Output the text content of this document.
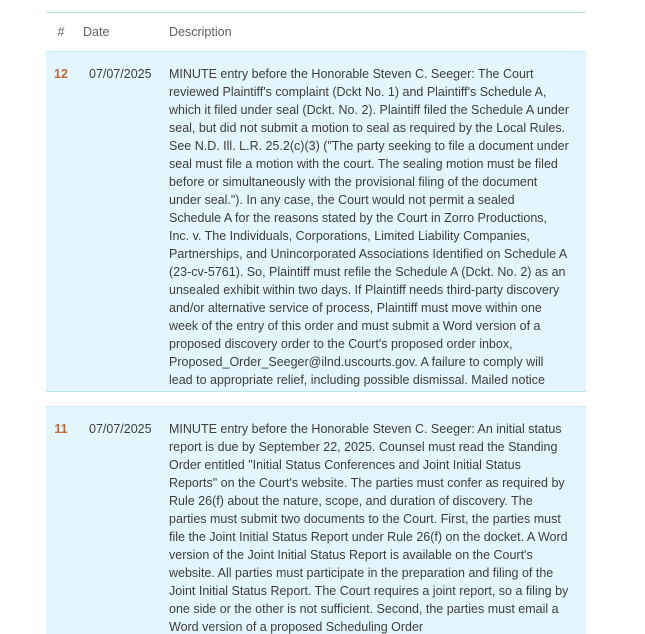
#	Date	Description
12	07/07/2025	MINUTE entry before the Honorable Steven C. Seeger: The Court reviewed Plaintiff's complaint (Dckt No. 1) and Plaintiff's Schedule A, which it filed under seal (Dckt. No. 2). Plaintiff filed the Schedule A under seal, but did not submit a motion to seal as required by the Local Rules. See N.D. Ill. L.R. 25.2(c)(3) ("The party seeking to file a document under seal must file a motion with the court. The sealing motion must be filed before or simultaneously with the provisional filing of the document under seal."). In any case, the Court would not permit a sealed Schedule A for the reasons stated by the Court in Zorro Productions, Inc. v. The Individuals, Corporations, Limited Liability Companies, Partnerships, and Unincorporated Associations Identified on Schedule A (23-cv-5761). So, Plaintiff must refile the Schedule A (Dckt. No. 2) as an unsealed exhibit within two days. If Plaintiff needs third-party discovery and/or alternative service of process, Plaintiff must move within one week of the entry of this order and must submit a Word version of a proposed discovery order to the Court's proposed order inbox, Proposed_Order_Seeger@ilnd.uscourts.gov. A failure to comply will lead to appropriate relief, including possible dismissal. Mailed notice
11	07/07/2025	MINUTE entry before the Honorable Steven C. Seeger: An initial status report is due by September 22, 2025. Counsel must read the Standing Order entitled "Initial Status Conferences and Joint Initial Status Reports" on the Court's website. The parties must confer as required by Rule 26(f) about the nature, scope, and duration of discovery. The parties must submit two documents to the Court. First, the parties must file the Joint Initial Status Report under Rule 26(f) on the docket. A Word version of the Joint Initial Status Report is available on the Court's website. All parties must participate in the preparation and filing of the Joint Initial Status Report. The Court requires a joint report, so a filing by one side or the other is not sufficient. Second, the parties must email a Word version of a proposed Scheduling Order
